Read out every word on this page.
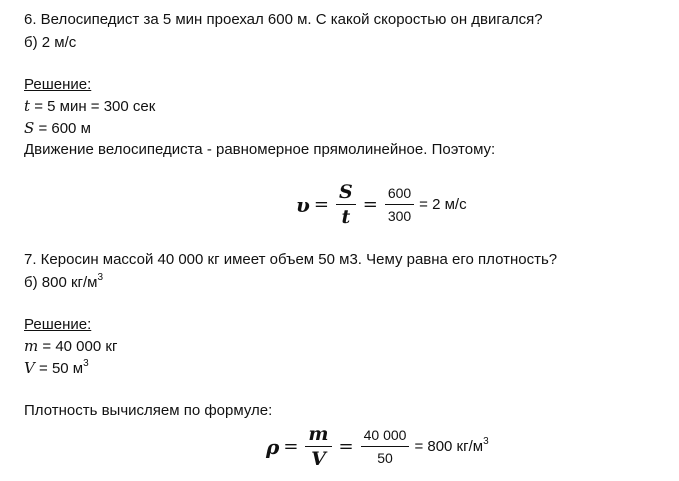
6. Велосипедист за 5 мин проехал 600 м. С какой скоростью он двигался?
б) 2 м/с
Решение:
t = 5 мин = 300 сек
S = 600 м
Движение велосипедиста - равномерное прямолинейное. Поэтому:
$\upsilon = \frac{S}{t} = \frac{600}{300} = 2$ м/с
7. Керосин массой 40 000 кг имеет объем 50 м3. Чему равна его плотность?
б) 800 $кг/м^3$
Решение:
m = 40 000 кг
V = 50 $м^3$
Плотность вычисляем по формуле:
$\rho = \frac{m}{V} = \frac{40 000}{50} = 800$ $кг/м^3$
